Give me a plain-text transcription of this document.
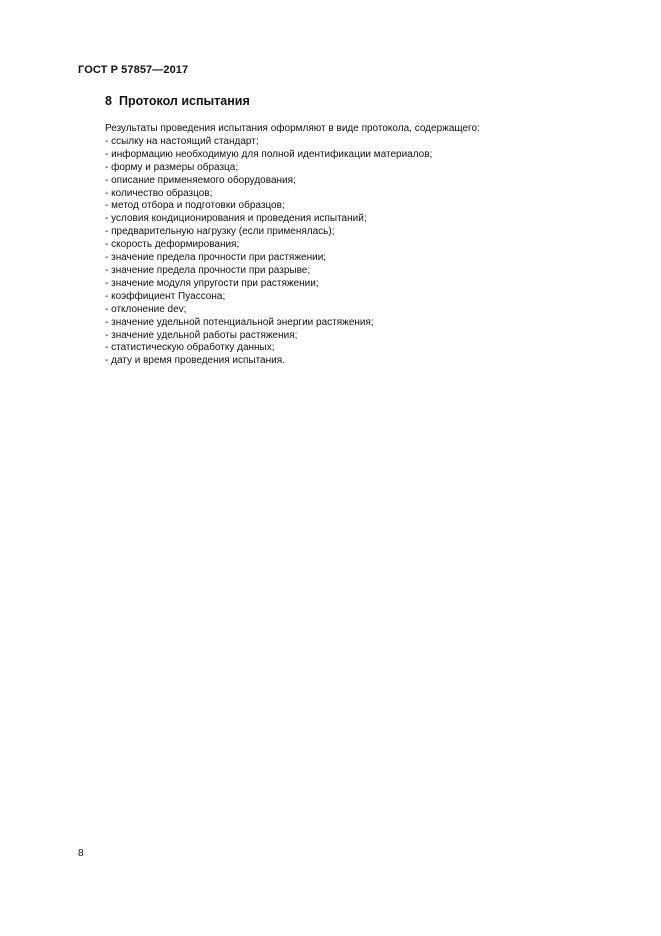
ГОСТ Р 57857—2017
8 Протокол испытания

Результаты проведения испытания оформляют в виде протокола, содержащего:

- ссылку на настоящий стандарт;
- информацию необходимую для полной идентификации материалов;
- форму и размеры образца;
- описание применяемого оборудования;
- количество образцов;
- метод отбора и подготовки образцов;
- условия кондиционирования и проведения испытаний;
- предварительную нагрузку (если применялась);
- скорость деформирования;
- значение предела прочности при растяжении;
- значение предела прочности при разрыве;
- значение модуля упругости при растяжении;
- коэффициент Пуассона;
- отклонение dev;
- значение удельной потенциальной энергии растяжения;
- значение удельной работы растяжения;
- статистическую обработку данных;
- дату и время проведения испытания.
8
